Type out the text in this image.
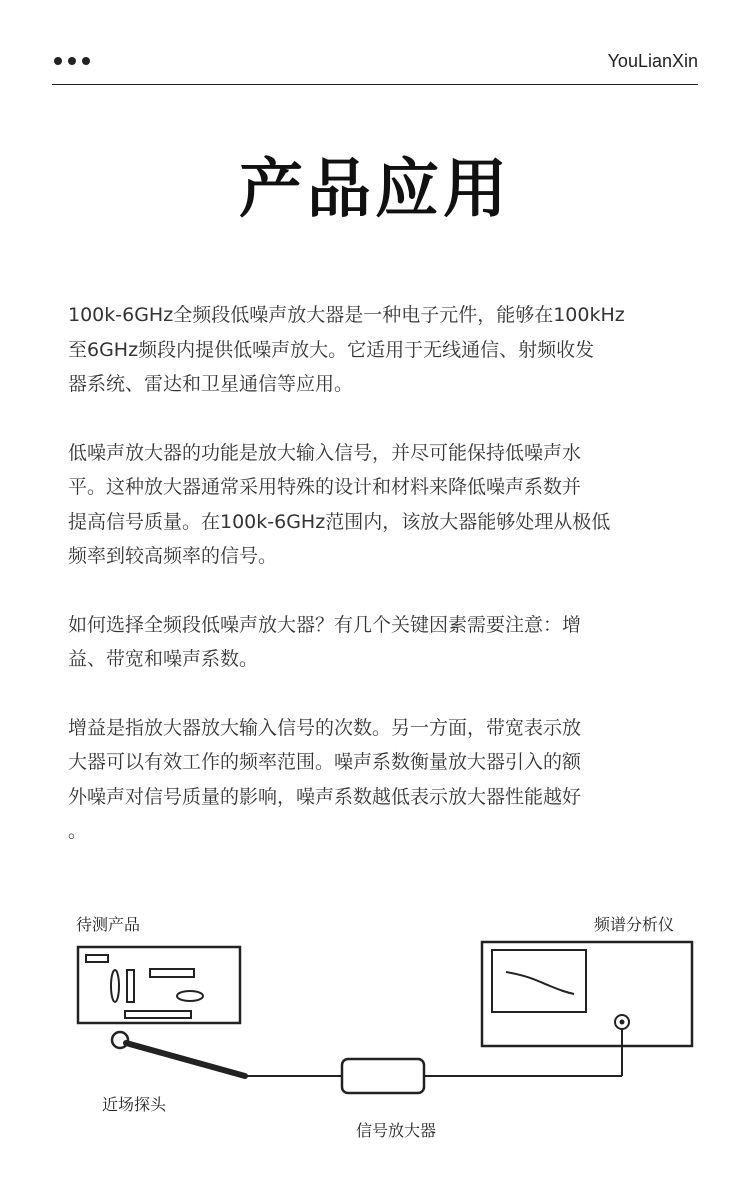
YouLianXin
产品应用

100k-6GHz全频段低噪声放大器是一种电子元件，能够在100kHz
至6GHz频段内提供低噪声放大。它适用于无线通信、射频收发
器系统、雷达和卫星通信等应用。

低噪声放大器的功能是放大输入信号，并尽可能保持低噪声水
平。这种放大器通常采用特殊的设计和材料来降低噪声系数并
提高信号质量。在100k-6GHz范围内，该放大器能够处理从极低
频率到较高频率的信号。

如何选择全频段低噪声放大器？有几个关键因素需要注意：增
益、带宽和噪声系数。

增益是指放大器放大输入信号的次数。另一方面，带宽表示放
大器可以有效工作的频率范围。噪声系数衡量放大器引入的额
外噪声对信号质量的影响，噪声系数越低表示放大器性能越好
。

待测产品	频谱分析仪
近场探头
信号放大器
